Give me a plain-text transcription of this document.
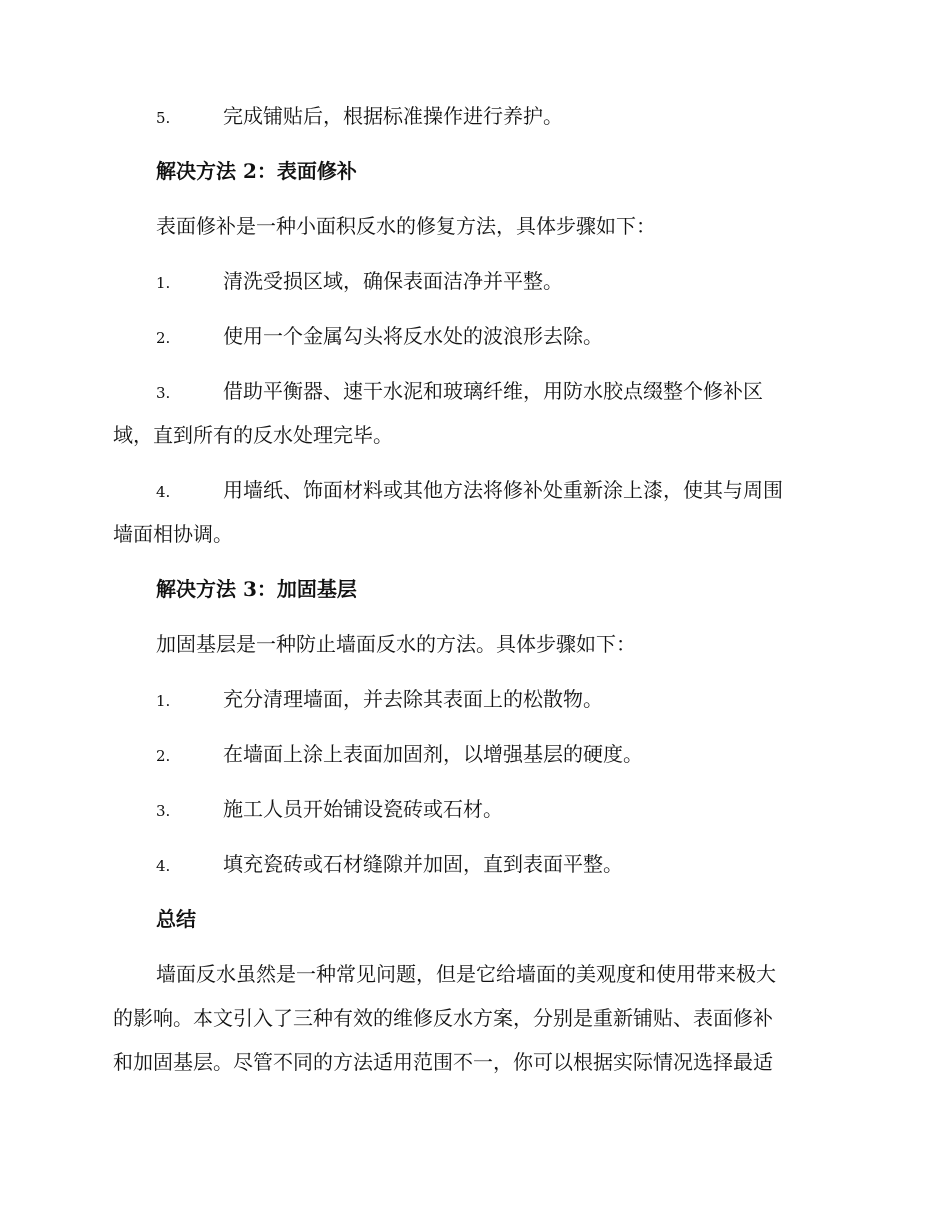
5.	完成铺贴后，根据标准操作进行养护。
解决方法 2：表面修补
表面修补是一种小面积反水的修复方法，具体步骤如下：
1.	清洗受损区域，确保表面洁净并平整。
2.	使用一个金属勾头将反水处的波浪形去除。
3.	借助平衡器、速干水泥和玻璃纤维，用防水胶点缀整个修补区
域，直到所有的反水处理完毕。
4.	用墙纸、饰面材料或其他方法将修补处重新涂上漆，使其与周围
墙面相协调。
解决方法 3：加固基层
加固基层是一种防止墙面反水的方法。具体步骤如下：
1.	充分清理墙面，并去除其表面上的松散物。
2.	在墙面上涂上表面加固剂，以增强基层的硬度。
3.	施工人员开始铺设瓷砖或石材。
4.	填充瓷砖或石材缝隙并加固，直到表面平整。
总结
墙面反水虽然是一种常见问题，但是它给墙面的美观度和使用带来极大
的影响。本文引入了三种有效的维修反水方案，分别是重新铺贴、表面修补
和加固基层。尽管不同的方法适用范围不一，你可以根据实际情况选择最适
